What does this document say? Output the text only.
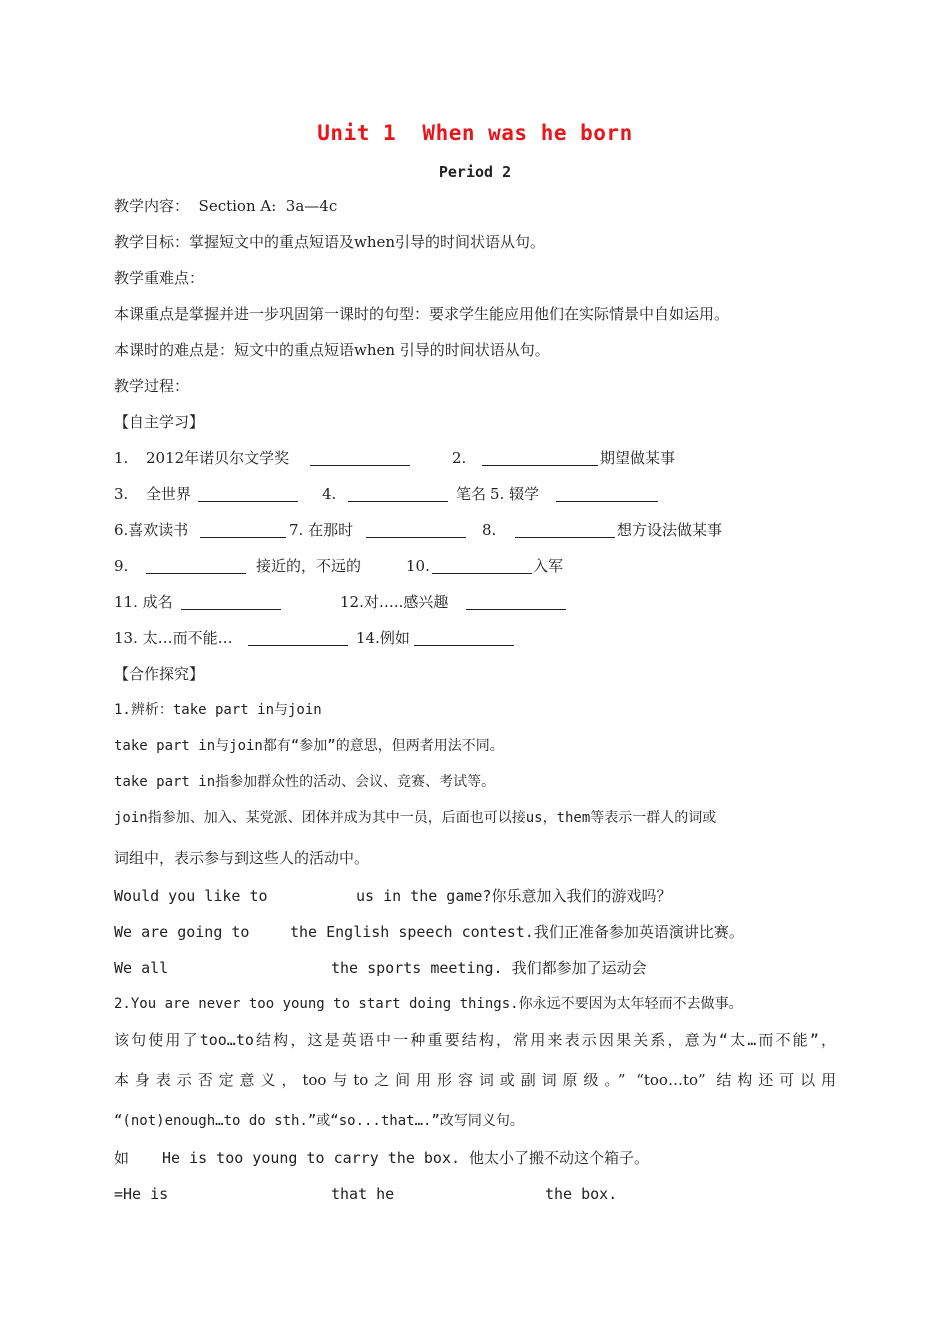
Unit 1  When was he born
Period 2
教学内容：  Section A:  3a—4c
教学目标：掌握短文中的重点短语及when引导的时间状语从句。
教学重难点：
本课重点是掌握并进一步巩固第一课时的句型：要求学生能应用他们在实际情景中自如运用。
本课时的难点是：短文中的重点短语when 引导的时间状语从句。
教学过程：
【自主学习】
1. 2012年诺贝尔文学奖	2.	期望做某事
3. 全世界	4.	笔名 5. 辍学
6.喜欢读书	7. 在那时	8.	想方设法做某事
9.	接近的，不远的	10.	入军
11. 成名	12.对…..感兴趣
13. 太…而不能…	14.例如
【合作探究】
1.辨析：take part in与join
take part in与join都有“参加”的意思，但两者用法不同。
take part in指参加群众性的活动、会议、竞赛、考试等。
join指参加、加入、某党派、团体并成为其中一员，后面也可以接us，them等表示一群人的词或
词组中，表示参与到这些人的活动中。
Would you like to	us in the game?你乐意加入我们的游戏吗？
We are going to	the English speech contest.我们正准备参加英语演讲比赛。
We all	the sports meeting. 我们都参加了运动会
2.You are never too young to start doing things.你永远不要因为太年轻而不去做事。
该句使用了too…to结构，这是英语中一种重要结构，常用来表示因果关系，意为“太…而不能”，
本身表示否定意义，too与to之间用形容词或副词原级。” “too…to” 结构还可以用
“(not)enough…to do sth.”或“so...that….”改写同义句。
如 He is too young to carry the box. 他太小了搬不动这个箱子。
=He is	that he	the box.
